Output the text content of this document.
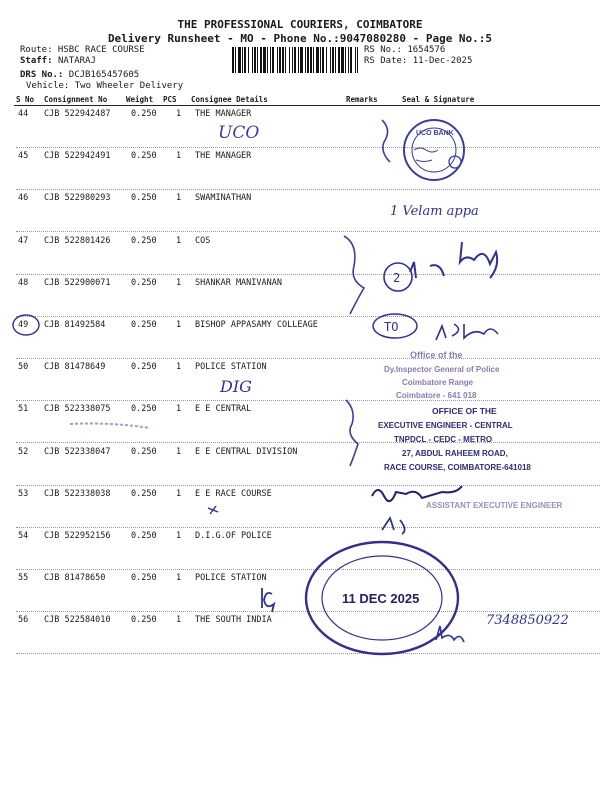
THE PROFESSIONAL COURIERS, COIMBATORE
Delivery Runsheet - MO - Phone No.:9047080280 - Page No.:5
Route: HSBC RACE COURSE
Staff: NATARAJ
DRS No.: DCJB165457605
Vehicle: Two Wheeler Delivery
RS No.: 1654576
RS Date: 11-Dec-2025
S No Consignment No	Weight PCS Consignee Details	Remarks	Seal & Signature
44 CJB 522942487 0.250 1 THE MANAGER
45 CJB 522942491 0.250 1 THE MANAGER
46 CJB 522980293 0.250 1 SWAMINATHAN
47 CJB 522801426 0.250 1 COS
48 CJB 522900071 0.250 1 SHANKAR MANIVANAN
49 CJB 81492584	0.250 1 BISHOP APPASAMY COLLEAGE
50 CJB 81478649	0.250 1 POLICE STATION
51 CJB 522338075 0.250 1 E E CENTRAL
52 CJB 522338047 0.250 1 E E CENTRAL DIVISION
53 CJB 522338038 0.250 1 E E RACE COURSE
54 CJB 522952156 0.250 1 D.I.G.OF POLICE
55 CJB 81478650	0.250 1 POLICE STATION
56 CJB 522584010 0.250 1 THE SOUTH INDIA
UCO BANK
UCO
1 Velam appa
2
TO
Office of the
Dy.Inspector General of Police
Coimbatore Range
Coimbatore - 641 018
DIG
OFFICE OF THE
EXECUTIVE ENGINEER - CENTRAL
TNPDCL - CEDC - METRO
27, ABDUL RAHEEM ROAD,
RACE COURSE, COIMBATORE-641018
ASSISTANT EXECUTIVE ENGINEER
11 DEC 2025
7348850922
